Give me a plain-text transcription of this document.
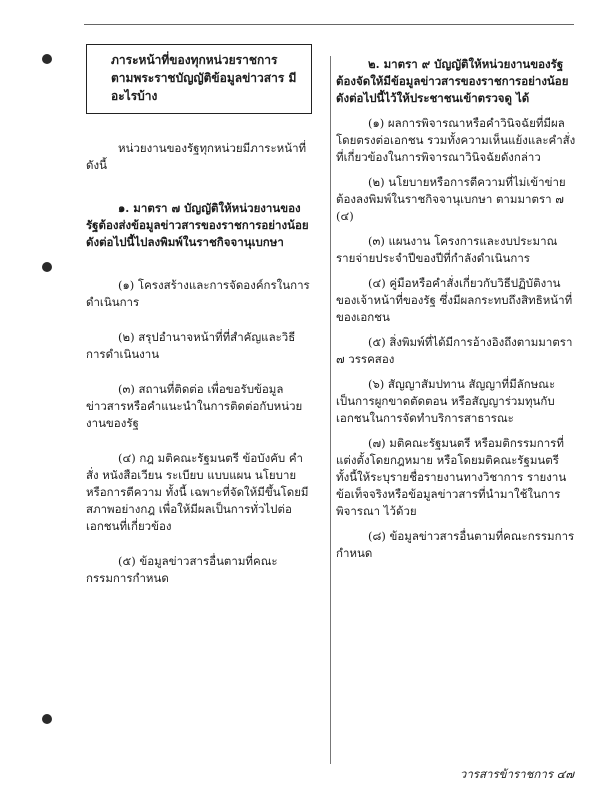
ภาระหน้าที่ของทุกหน่วยราชการตามพระราชบัญญัติข้อมูลข่าวสาร มีอะไรบ้าง

หน่วยงานของรัฐทุกหน่วยมีภาระหน้าที่ดังนี้

๑. มาตรา ๗ บัญญัติให้หน่วยงานของรัฐต้องส่งข้อมูลข่าวสารของราชการอย่างน้อยดังต่อไปนี้ไปลงพิมพ์ในราชกิจจานุเบกษา

(๑) โครงสร้างและการจัดองค์กรในการดำเนินการ

(๒) สรุปอำนาจหน้าที่ที่สำคัญและวิธีการดำเนินงาน

(๓) สถานที่ติดต่อ เพื่อขอรับข้อมูลข่าวสารหรือคำแนะนำในการติดต่อกับหน่วยงานของรัฐ

(๔) กฎ มติคณะรัฐมนตรี ข้อบังคับ คำสั่ง หนังสือเวียน ระเบียบ แบบแผน นโยบายหรือการตีความ ทั้งนี้ เฉพาะที่จัดให้มีขึ้นโดยมีสภาพอย่างกฎ เพื่อให้มีผลเป็นการทั่วไปต่อเอกชนที่เกี่ยวข้อง

(๕) ข้อมูลข่าวสารอื่นตามที่คณะกรรมการกำหนด

๒. มาตรา ๙ บัญญัติให้หน่วยงานของรัฐต้องจัดให้มีข้อมูลข่าวสารของราชการอย่างน้อยดังต่อไปนี้ไว้ให้ประชาชนเข้าตรวจดู ได้

(๑) ผลการพิจารณาหรือคำวินิจฉัยที่มีผลโดยตรงต่อเอกชน รวมทั้งความเห็นแย้งและคำสั่งที่เกี่ยวข้องในการพิจารณาวินิจฉัยดังกล่าว

(๒) นโยบายหรือการตีความที่ไม่เข้าข่ายต้องลงพิมพ์ในราชกิจจานุเบกษา ตามมาตรา ๗ (๔)

(๓) แผนงาน โครงการและงบประมาณรายจ่ายประจำปีของปีที่กำลังดำเนินการ

(๔) คู่มือหรือคำสั่งเกี่ยวกับวิธีปฏิบัติงานของเจ้าหน้าที่ของรัฐ ซึ่งมีผลกระทบถึงสิทธิหน้าที่ของเอกชน

(๕) สิ่งพิมพ์ที่ได้มีการอ้างอิงถึงตามมาตรา ๗ วรรคสอง

(๖) สัญญาสัมปทาน สัญญาที่มีลักษณะเป็นการผูกขาดตัดตอน หรือสัญญาร่วมทุนกับเอกชนในการจัดทำบริการสาธารณะ

(๗) มติคณะรัฐมนตรี หรือมติกรรมการที่แต่งตั้งโดยกฎหมาย หรือโดยมติคณะรัฐมนตรี ทั้งนี้ให้ระบุรายชื่อรายงานทางวิชาการ รายงานข้อเท็จจริงหรือข้อมูลข่าวสารที่นำมาใช้ในการพิจารณา ไว้ด้วย

(๘) ข้อมูลข่าวสารอื่นตามที่คณะกรรมการกำหนด

วารสารข้าราชการ ๔๗
